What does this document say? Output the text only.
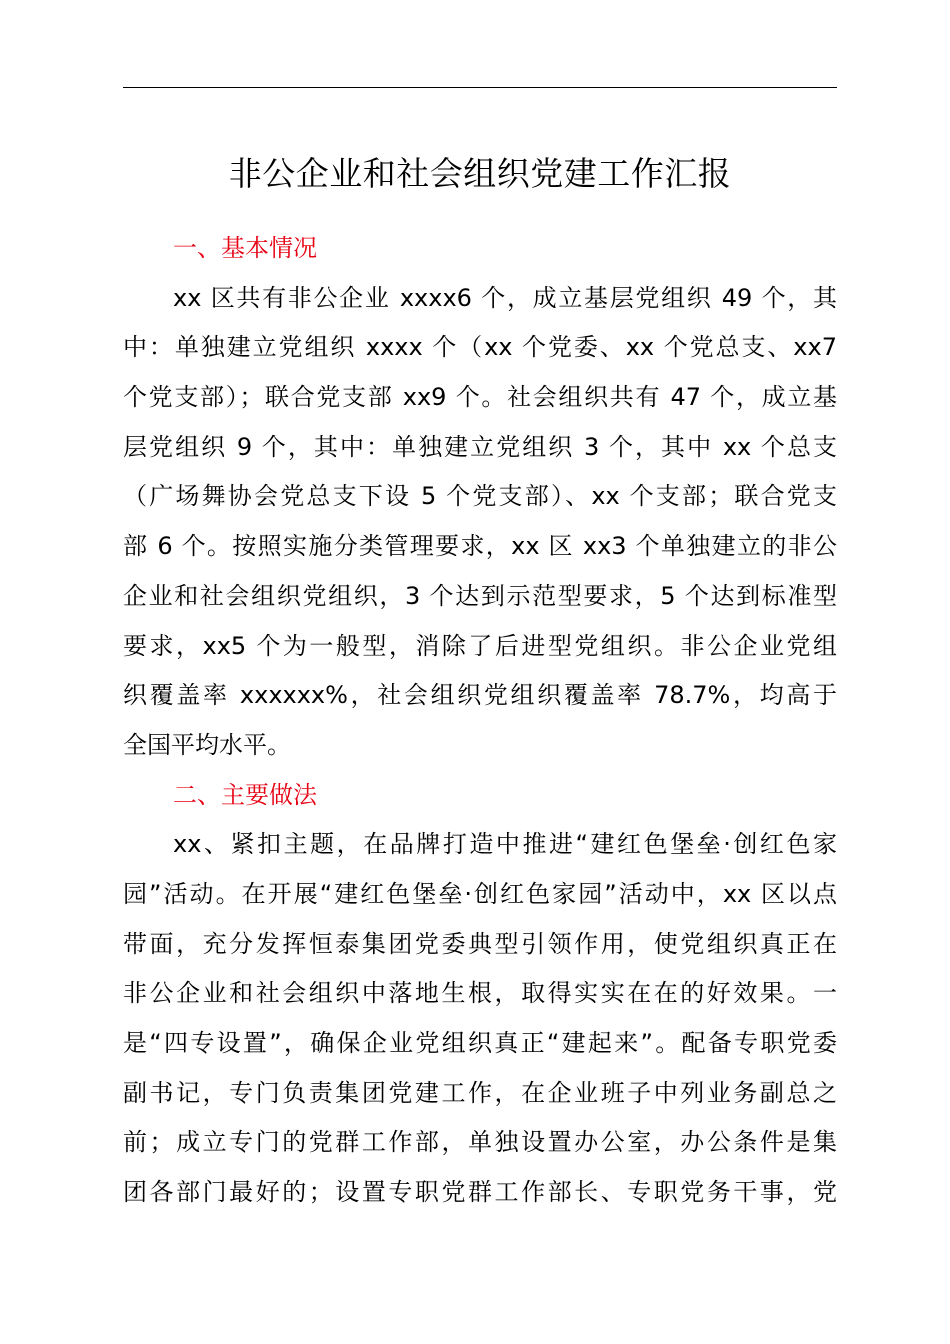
非公企业和社会组织党建工作汇报
一、基本情况
xx 区共有非公企业 xxxx6 个，成立基层党组织 49 个，其
中：单独建立党组织 xxxx 个（xx 个党委、xx 个党总支、xx7
个党支部）；联合党支部 xx9 个。社会组织共有 47 个，成立基
层党组织 9 个，其中：单独建立党组织 3 个，其中 xx 个总支
（广场舞协会党总支下设 5 个党支部）、xx 个支部；联合党支
部 6 个。按照实施分类管理要求，xx 区 xx3 个单独建立的非公
企业和社会组织党组织，3 个达到示范型要求，5 个达到标准型
要求，xx5 个为一般型，消除了后进型党组织。非公企业党组
织覆盖率 xxxxxx%，社会组织党组织覆盖率 78.7%，均高于
全国平均水平。
二、主要做法
xx、紧扣主题，在品牌打造中推进“建红色堡垒·创红色家
园”活动。在开展“建红色堡垒·创红色家园”活动中，xx 区以点
带面，充分发挥恒泰集团党委典型引领作用，使党组织真正在
非公企业和社会组织中落地生根，取得实实在在的好效果。一
是“四专设置”，确保企业党组织真正“建起来”。配备专职党委
副书记，专门负责集团党建工作，在企业班子中列业务副总之
前；成立专门的党群工作部，单独设置办公室，办公条件是集
团各部门最好的；设置专职党群工作部长、专职党务干事，党
